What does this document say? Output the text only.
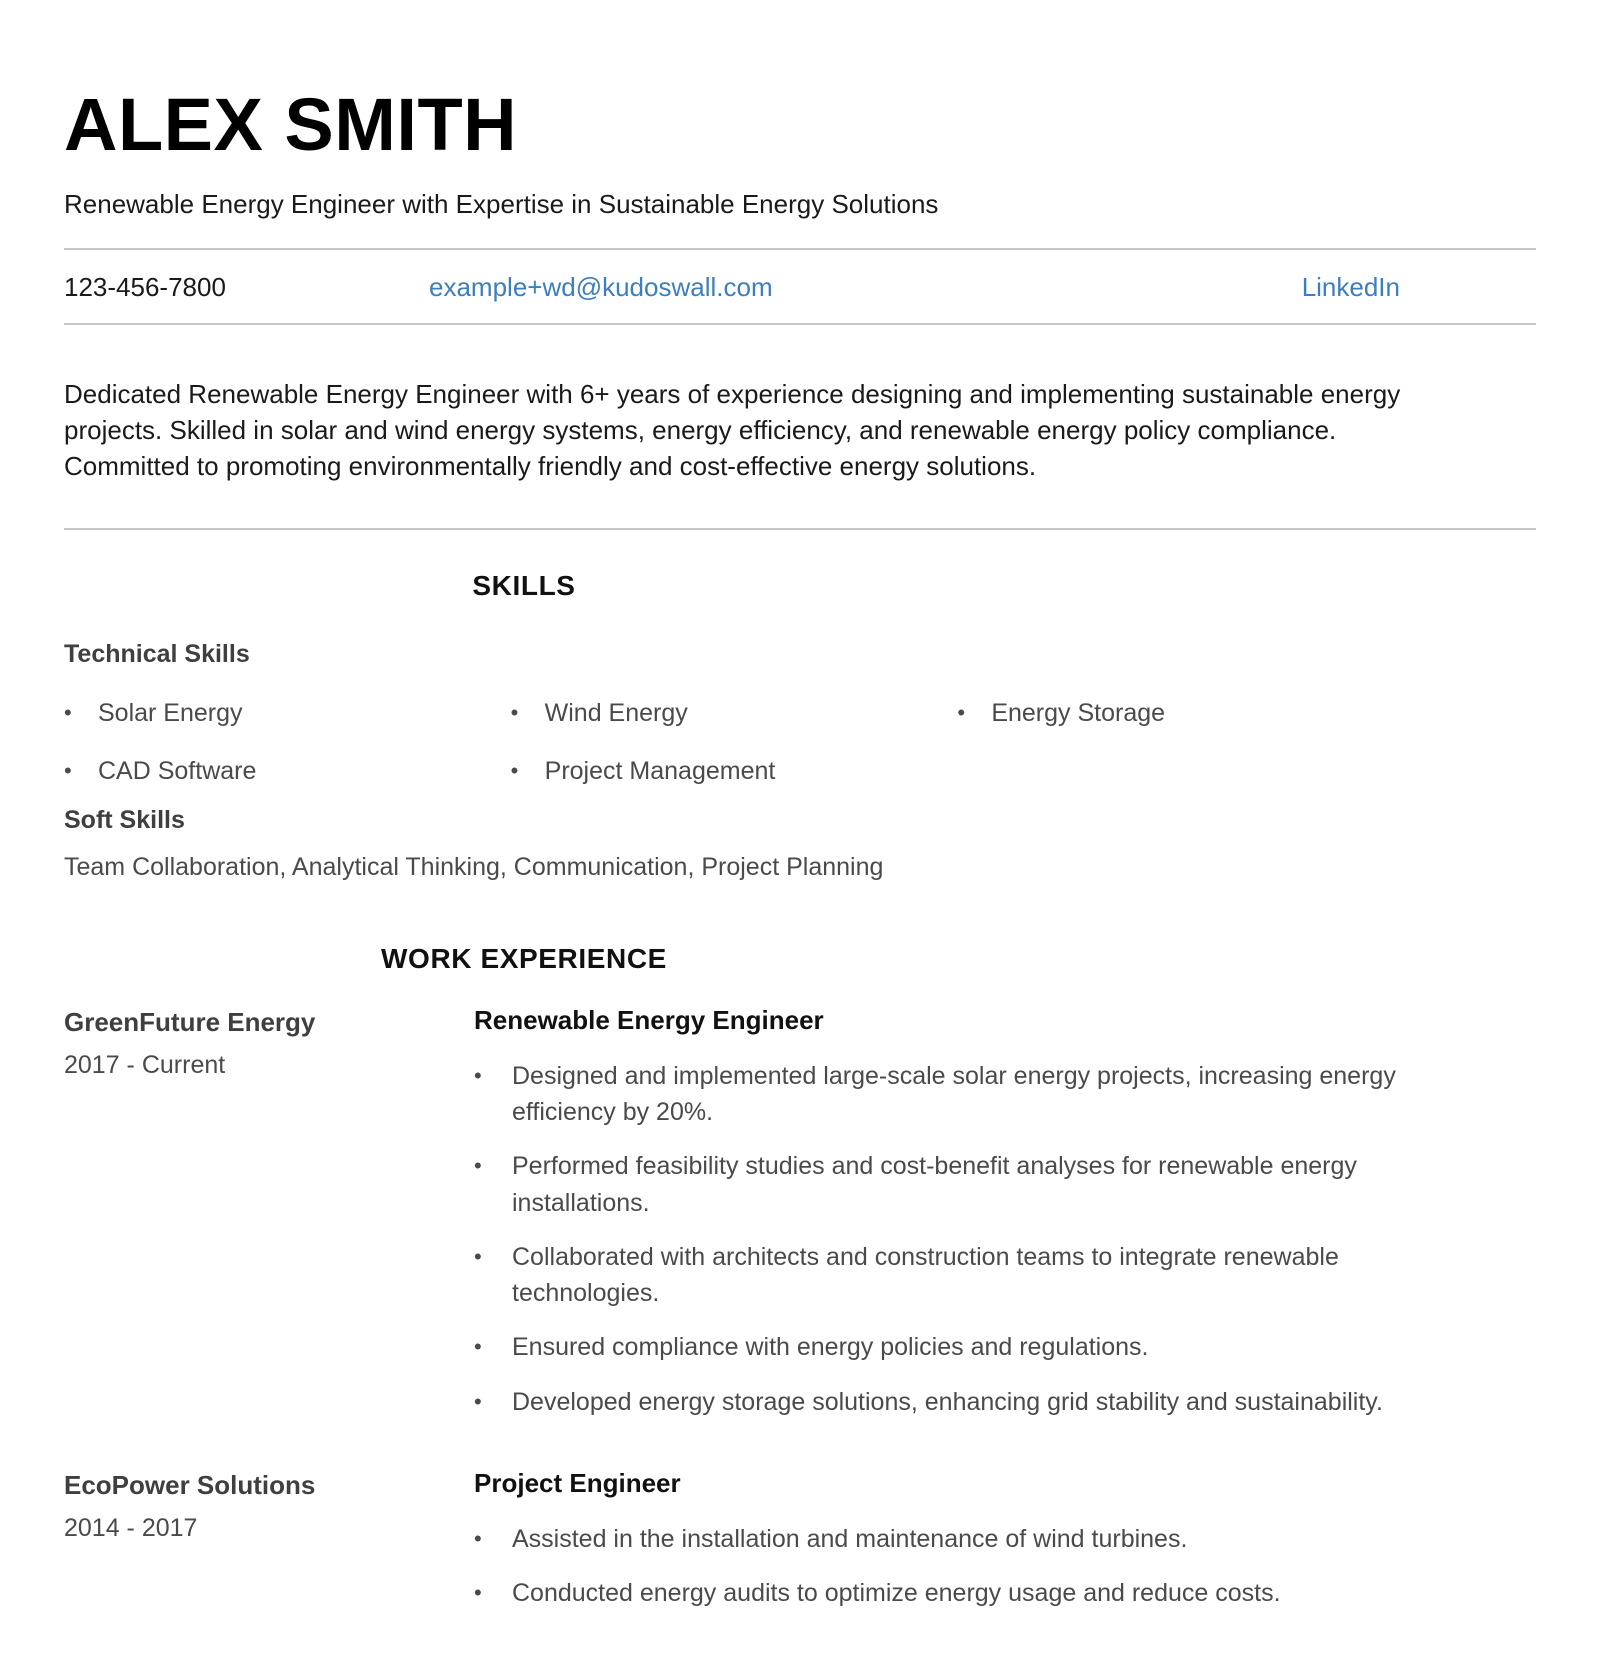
ALEX SMITH
Renewable Energy Engineer with Expertise in Sustainable Energy Solutions
123-456-7800	example+wd@kudoswall.com	LinkedIn

Dedicated Renewable Energy Engineer with 6+ years of experience designing and implementing sustainable energy projects. Skilled in solar and wind energy systems, energy efficiency, and renewable energy policy compliance. Committed to promoting environmentally friendly and cost-effective energy solutions.

SKILLS
Technical Skills
•	Solar Energy	•	Wind Energy	•	Energy Storage
•	CAD Software	•	Project Management
Soft Skills
Team Collaboration, Analytical Thinking, Communication, Project Planning
WORK EXPERIENCE
GreenFuture Energy
2017 - Current
Renewable Energy Engineer
•	Designed and implemented large-scale solar energy projects, increasing energy efficiency by 20%.
•	Performed feasibility studies and cost-benefit analyses for renewable energy installations.
•	Collaborated with architects and construction teams to integrate renewable technologies.
•	Ensured compliance with energy policies and regulations.
•	Developed energy storage solutions, enhancing grid stability and sustainability.
EcoPower Solutions
2014 - 2017
Project Engineer
•	Assisted in the installation and maintenance of wind turbines.
•	Conducted energy audits to optimize energy usage and reduce costs.
